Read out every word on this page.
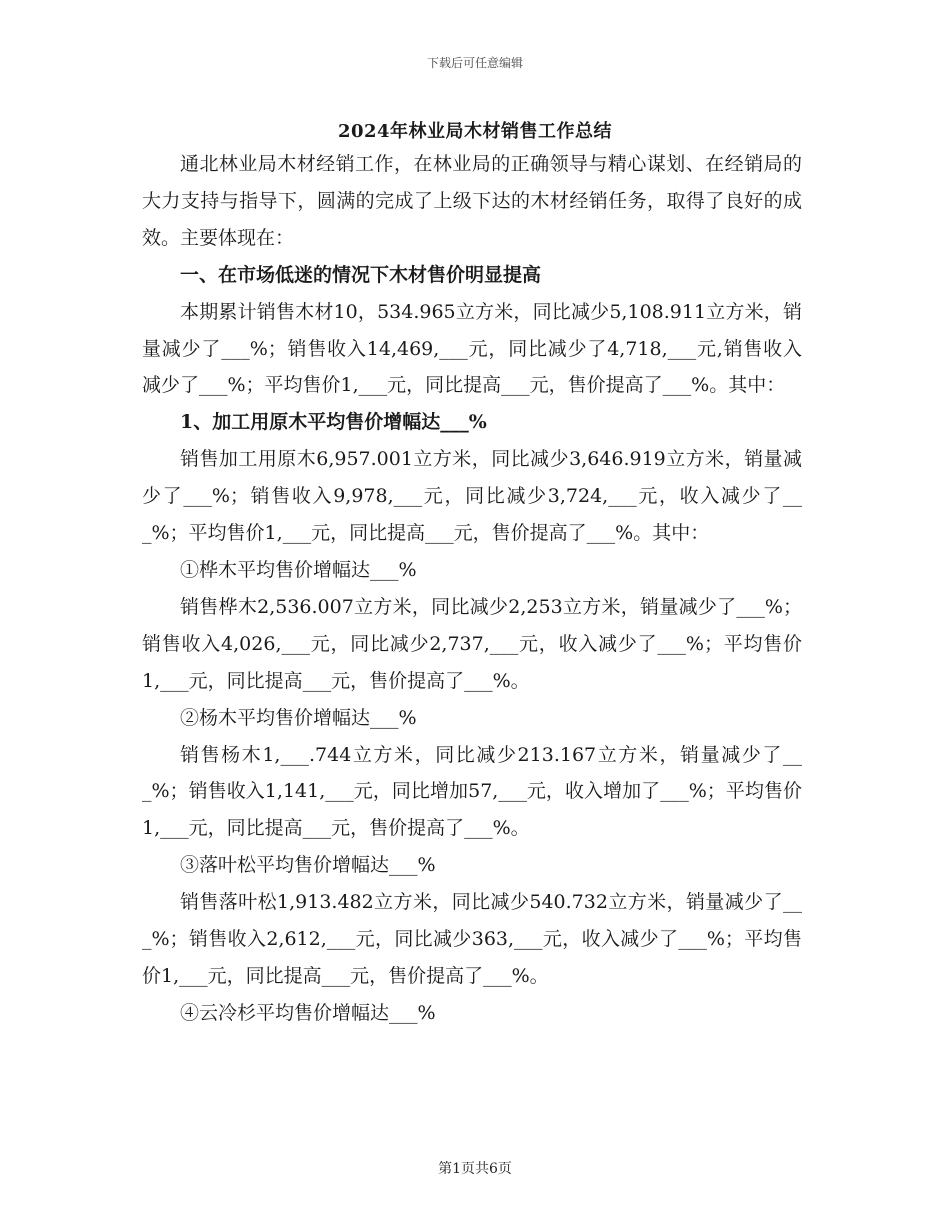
下载后可任意编辑
2024年林业局木材销售工作总结

通北林业局木材经销工作，在林业局的正确领导与精心谋划、在经销局的大力支持与指导下，圆满的完成了上级下达的木材经销任务，取得了良好的成效。主要体现在：

一、在市场低迷的情况下木材售价明显提高

本期累计销售木材10，534.965立方米，同比减少5,108.911立方米，销量减少了___%；销售收入14,469,___元，同比减少了4,718,___元,销售收入减少了___%；平均售价1,___元，同比提高___元，售价提高了___%。其中：

1、加工用原木平均售价增幅达___%

销售加工用原木6,957.001立方米，同比减少3,646.919立方米，销量减少了___%；销售收入9,978,___元，同比减少3,724,___元，收入减少了___%；平均售价1,___元，同比提高___元，售价提高了___%。其中：

①桦木平均售价增幅达___%

销售桦木2,536.007立方米，同比减少2,253立方米，销量减少了___%；销售收入4,026,___元，同比减少2,737,___元，收入减少了___%；平均售价1,___元，同比提高___元，售价提高了___%。

②杨木平均售价增幅达___%

销售杨木1,___.744立方米，同比减少213.167立方米，销量减少了___%；销售收入1,141,___元，同比增加57,___元，收入增加了___%；平均售价1,___元，同比提高___元，售价提高了___%。

③落叶松平均售价增幅达___%

销售落叶松1,913.482立方米，同比减少540.732立方米，销量减少了___%；销售收入2,612,___元，同比减少363,___元，收入减少了___%；平均售价1,___元，同比提高___元，售价提高了___%。

④云冷杉平均售价增幅达___%

第1页共6页
